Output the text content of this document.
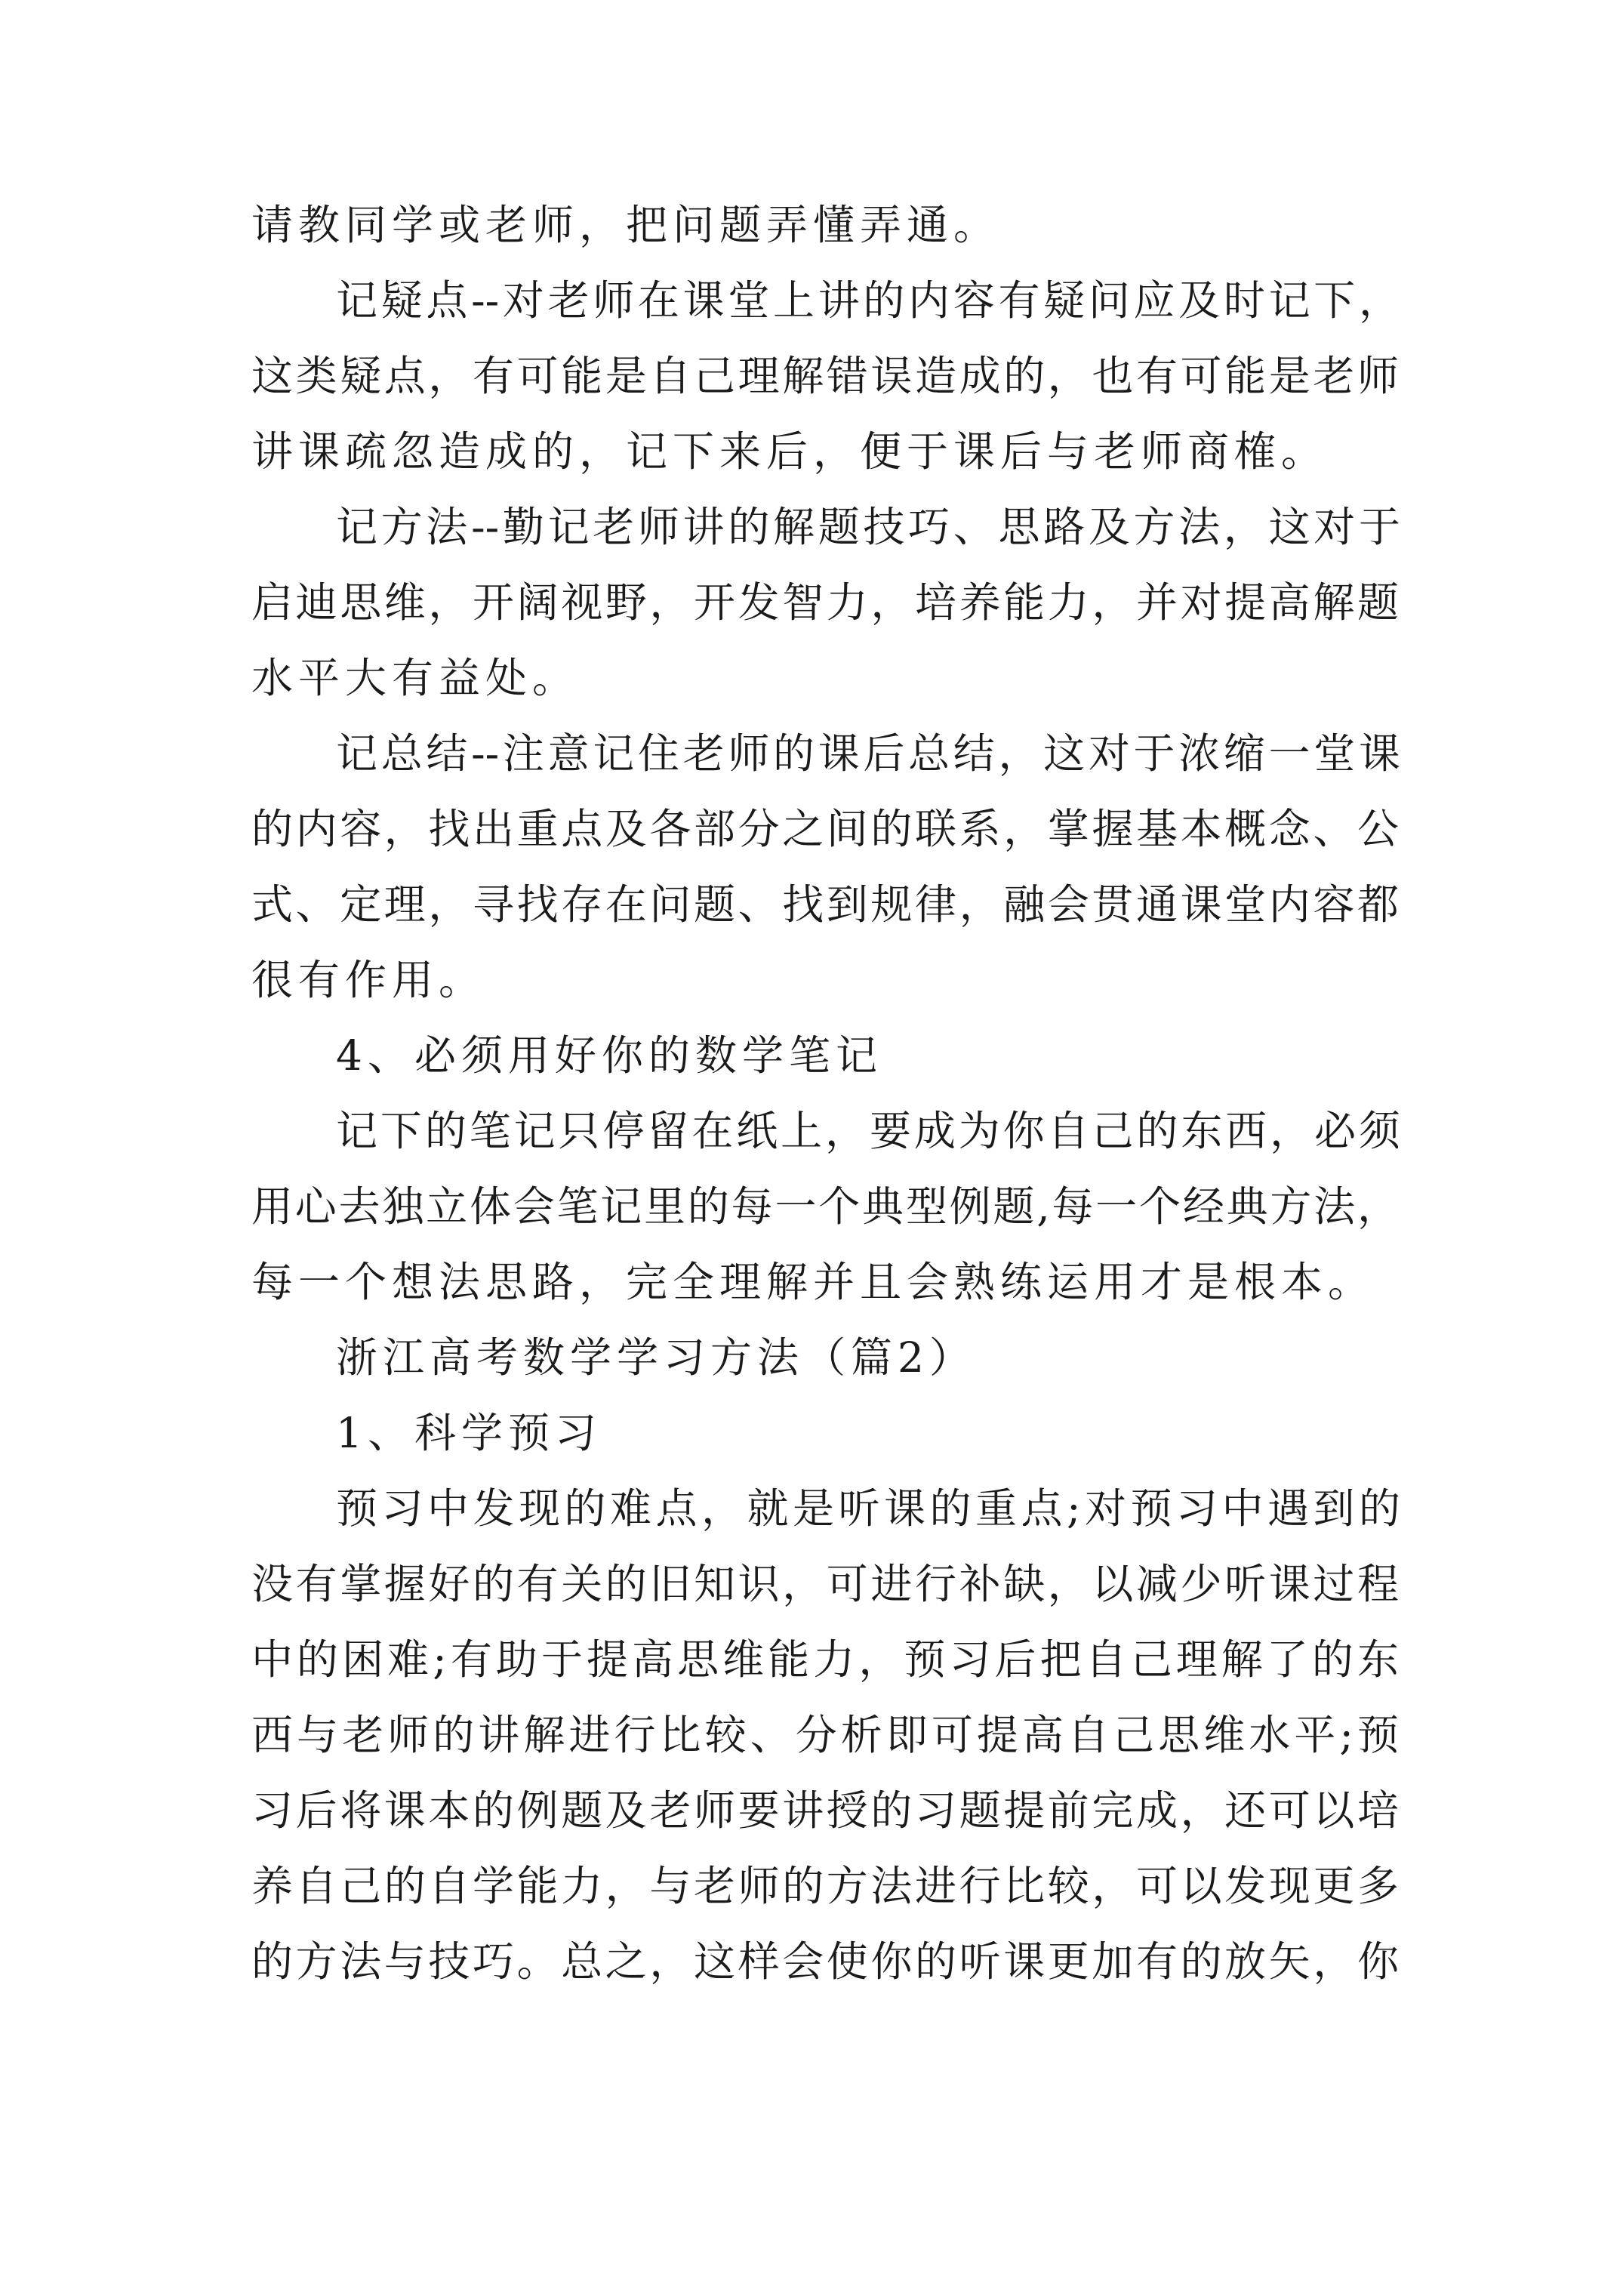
请教同学或老师，把问题弄懂弄通。
记疑点--对老师在课堂上讲的内容有疑问应及时记下，
这类疑点，有可能是自己理解错误造成的，也有可能是老师
讲课疏忽造成的，记下来后，便于课后与老师商榷。
记方法--勤记老师讲的解题技巧、思路及方法，这对于
启迪思维，开阔视野，开发智力，培养能力，并对提高解题
水平大有益处。
记总结--注意记住老师的课后总结，这对于浓缩一堂课
的内容，找出重点及各部分之间的联系，掌握基本概念、公
式、定理，寻找存在问题、找到规律，融会贯通课堂内容都
很有作用。
4、必须用好你的数学笔记
记下的笔记只停留在纸上，要成为你自己的东西，必须
用心去独立体会笔记里的每一个典型例题,每一个经典方法，
每一个想法思路，完全理解并且会熟练运用才是根本。
浙江高考数学学习方法（篇2）
1、科学预习
预习中发现的难点，就是听课的重点;对预习中遇到的
没有掌握好的有关的旧知识，可进行补缺，以减少听课过程
中的困难;有助于提高思维能力，预习后把自己理解了的东
西与老师的讲解进行比较、分析即可提高自己思维水平;预
习后将课本的例题及老师要讲授的习题提前完成，还可以培
养自己的自学能力，与老师的方法进行比较，可以发现更多
的方法与技巧。总之，这样会使你的听课更加有的放矢，你
